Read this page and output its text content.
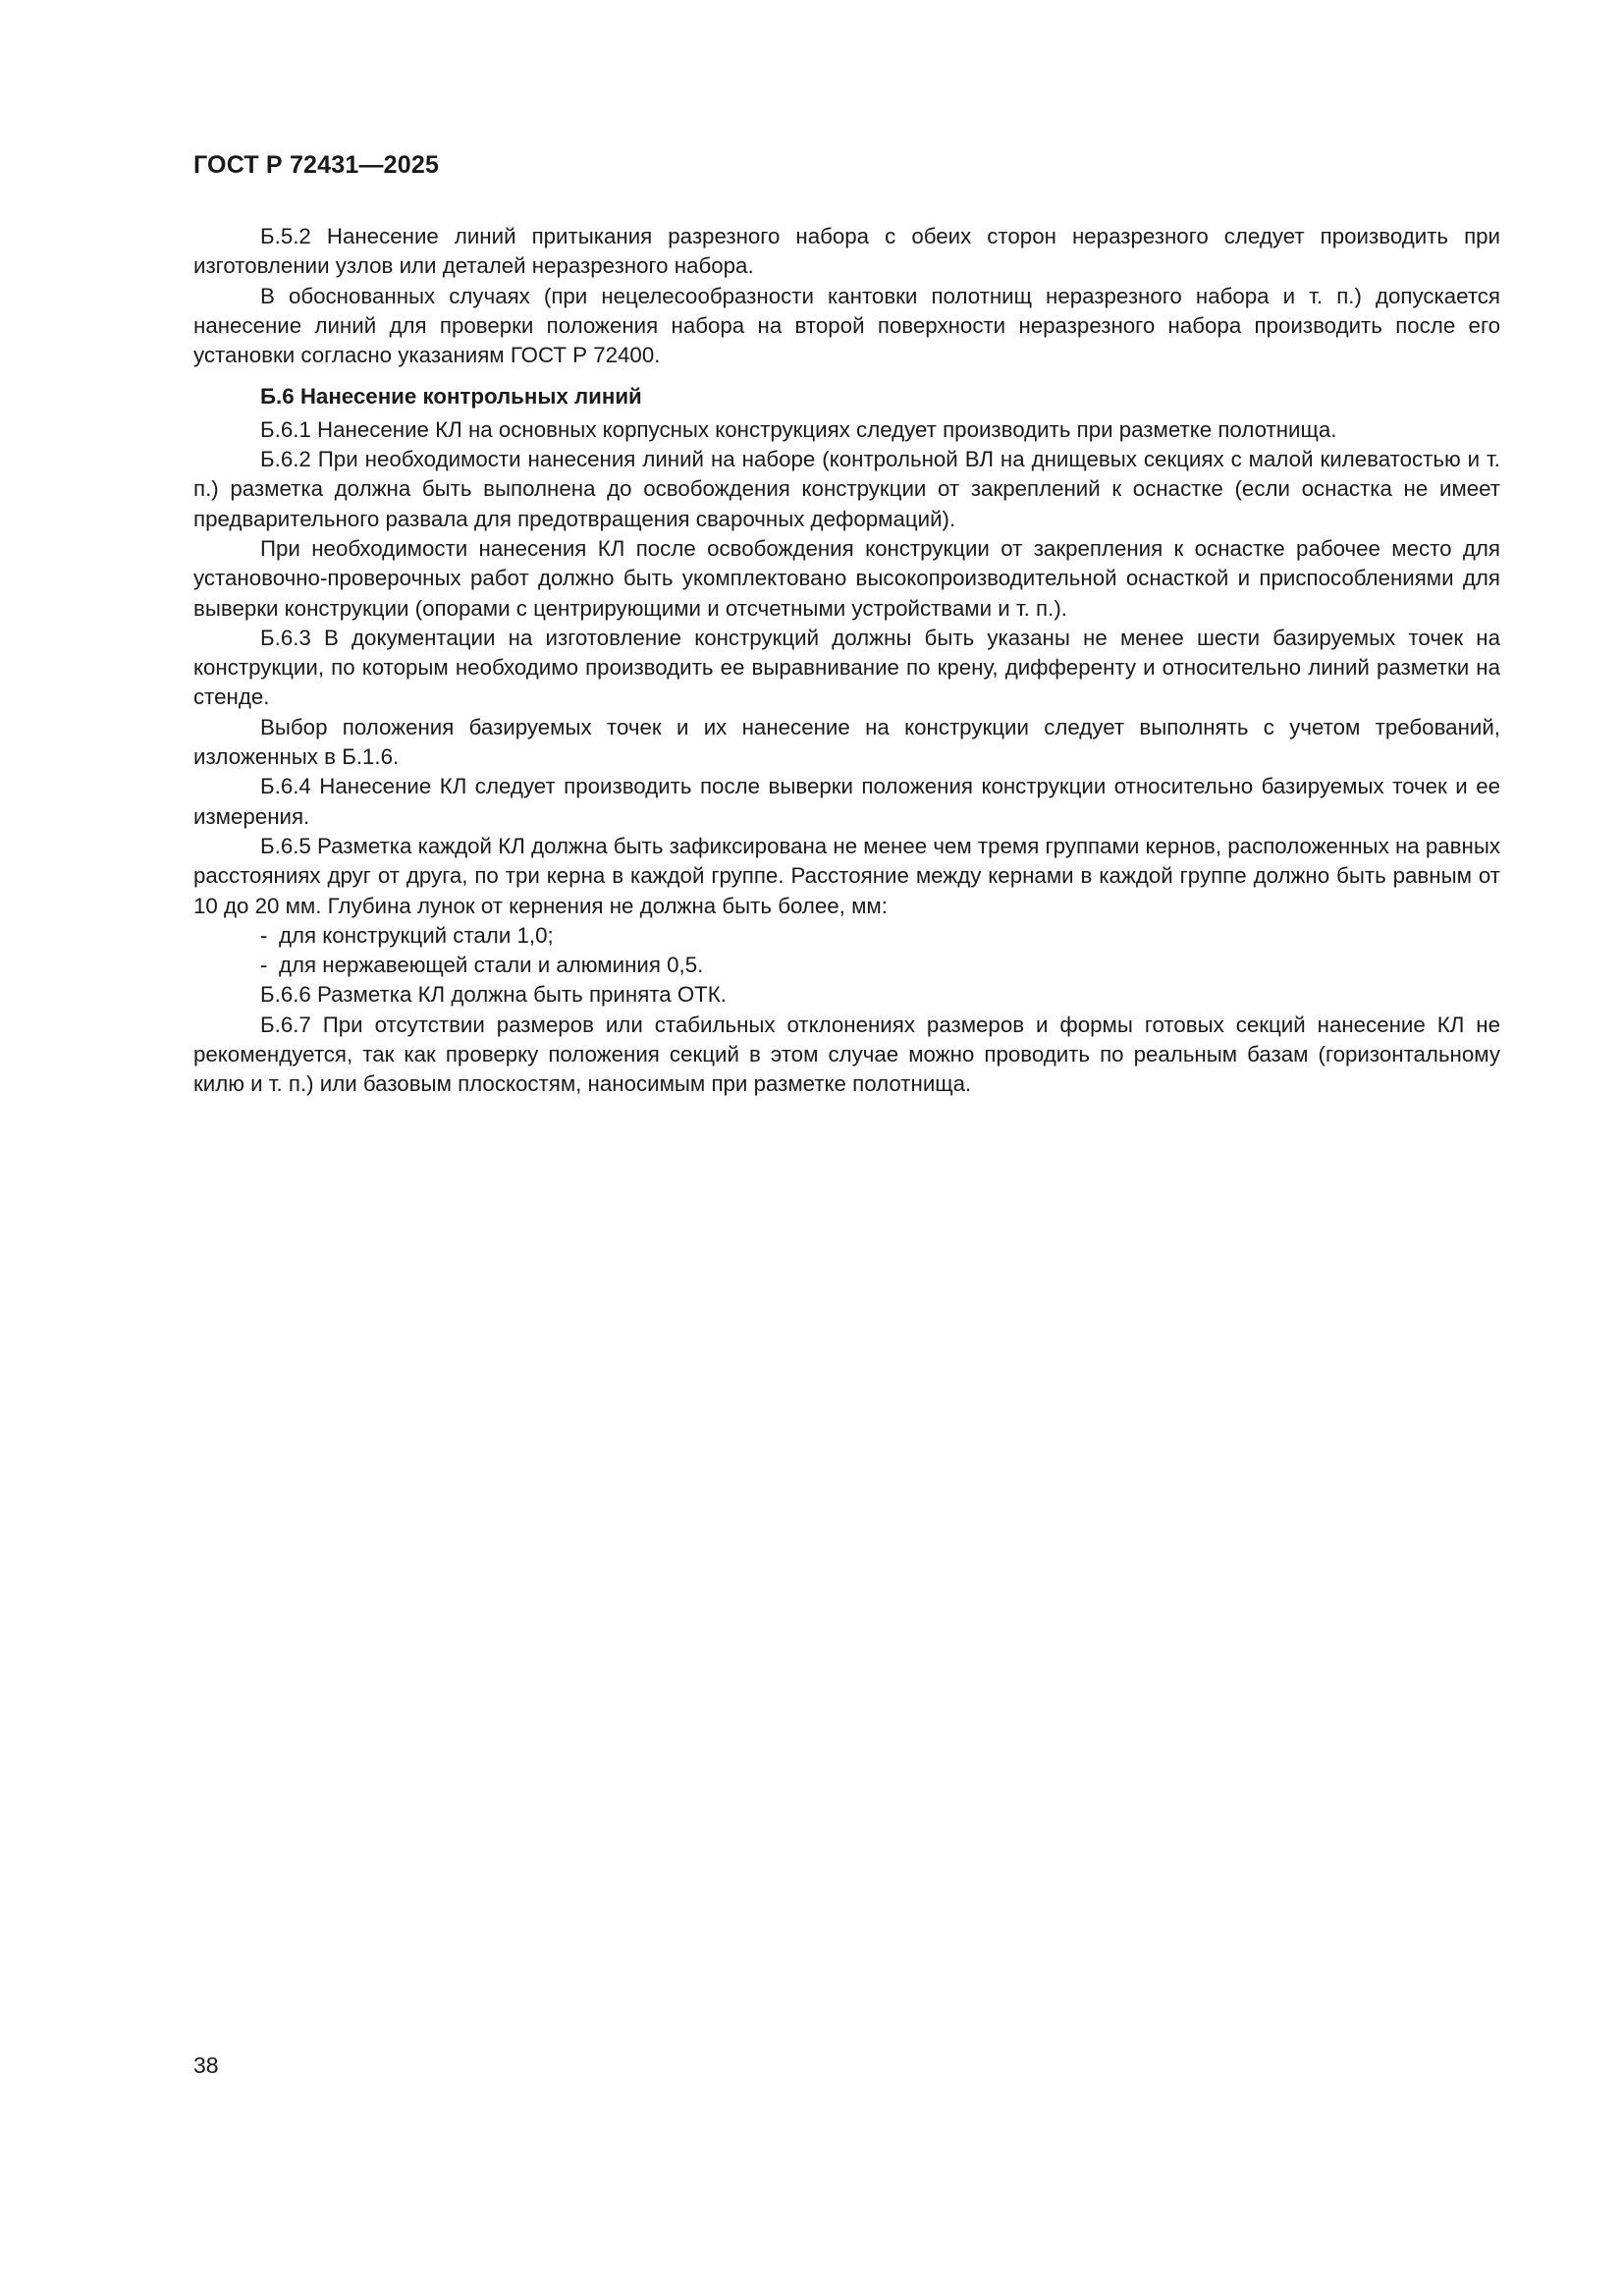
ГОСТ Р 72431—2025

Б.5.2 Нанесение линий притыкания разрезного набора с обеих сторон неразрезного следует производить при изготовлении узлов или деталей неразрезного набора.

В обоснованных случаях (при нецелесообразности кантовки полотнищ неразрезного набора и т. п.) допускается нанесение линий для проверки положения набора на второй поверхности неразрезного набора производить после его установки согласно указаниям ГОСТ Р 72400.

Б.6 Нанесение контрольных линий

Б.6.1 Нанесение КЛ на основных корпусных конструкциях следует производить при разметке полотнища.

Б.6.2 При необходимости нанесения линий на наборе (контрольной ВЛ на днищевых секциях с малой килеватостью и т. п.) разметка должна быть выполнена до освобождения конструкции от закреплений к оснастке (если оснастка не имеет предварительного развала для предотвращения сварочных деформаций).

При необходимости нанесения КЛ после освобождения конструкции от закрепления к оснастке рабочее место для установочно-проверочных работ должно быть укомплектовано высокопроизводительной оснасткой и приспособлениями для выверки конструкции (опорами с центрирующими и отсчетными устройствами и т. п.).

Б.6.3 В документации на изготовление конструкций должны быть указаны не менее шести базируемых точек на конструкции, по которым необходимо производить ее выравнивание по крену, дифференту и относительно линий разметки на стенде.

Выбор положения базируемых точек и их нанесение на конструкции следует выполнять с учетом требований, изложенных в Б.1.6.

Б.6.4 Нанесение КЛ следует производить после выверки положения конструкции относительно базируемых точек и ее измерения.

Б.6.5 Разметка каждой КЛ должна быть зафиксирована не менее чем тремя группами кернов, расположенных на равных расстояниях друг от друга, по три керна в каждой группе. Расстояние между кернами в каждой группе должно быть равным от 10 до 20 мм. Глубина лунок от кернения не должна быть более, мм:

- для конструкций стали 1,0;

- для нержавеющей стали и алюминия 0,5.

Б.6.6 Разметка КЛ должна быть принята ОТК.

Б.6.7 При отсутствии размеров или стабильных отклонениях размеров и формы готовых секций нанесение КЛ не рекомендуется, так как проверку положения секций в этом случае можно проводить по реальным базам (горизонтальному килю и т. п.) или базовым плоскостям, наносимым при разметке полотнища.

38
